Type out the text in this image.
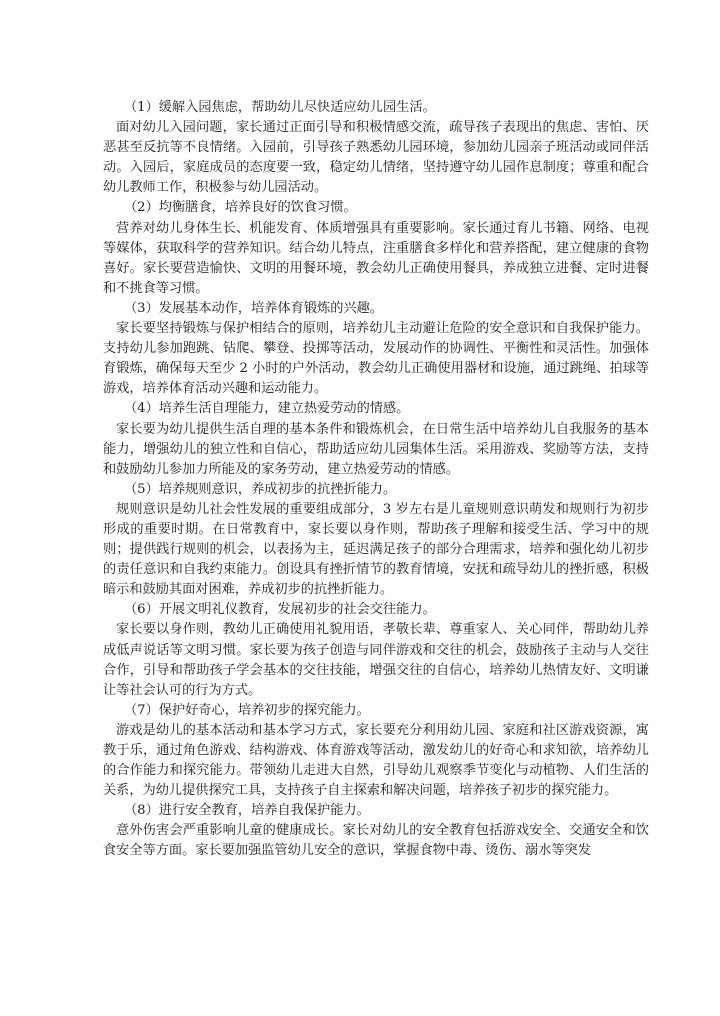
（1）缓解入园焦虑，帮助幼儿尽快适应幼儿园生活。

面对幼儿入园问题，家长通过正面引导和积极情感交流，疏导孩子表现出的焦虑、害怕、厌恶甚至反抗等不良情绪。入园前，引导孩子熟悉幼儿园环境，参加幼儿园亲子班活动或同伴活动。入园后，家庭成员的态度要一致，稳定幼儿情绪，坚持遵守幼儿园作息制度；尊重和配合幼儿教师工作，积极参与幼儿园活动。

（2）均衡膳食，培养良好的饮食习惯。

营养对幼儿身体生长、机能发育、体质增强具有重要影响。家长通过育儿书籍、网络、电视等媒体，获取科学的营养知识。结合幼儿特点，注重膳食多样化和营养搭配，建立健康的食物喜好。家长要营造愉快、文明的用餐环境，教会幼儿正确使用餐具，养成独立进餐、定时进餐和不挑食等习惯。

（3）发展基本动作，培养体育锻炼的兴趣。

家长要坚持锻炼与保护相结合的原则，培养幼儿主动避让危险的安全意识和自我保护能力。支持幼儿参加跑跳、钻爬、攀登、投掷等活动，发展动作的协调性、平衡性和灵活性。加强体育锻炼，确保每天至少 2 小时的户外活动，教会幼儿正确使用器材和设施，通过跳绳、拍球等游戏，培养体育活动兴趣和运动能力。

（4）培养生活自理能力，建立热爱劳动的情感。

家长要为幼儿提供生活自理的基本条件和锻炼机会，在日常生活中培养幼儿自我服务的基本能力，增强幼儿的独立性和自信心，帮助适应幼儿园集体生活。采用游戏、奖励等方法，支持和鼓励幼儿参加力所能及的家务劳动，建立热爱劳动的情感。

（5）培养规则意识，养成初步的抗挫折能力。

规则意识是幼儿社会性发展的重要组成部分，3 岁左右是儿童规则意识萌发和规则行为初步形成的重要时期。在日常教育中，家长要以身作则，帮助孩子理解和接受生活、学习中的规则；提供践行规则的机会，以表扬为主，延迟满足孩子的部分合理需求，培养和强化幼儿初步的责任意识和自我约束能力。创设具有挫折情节的教育情境，安抚和疏导幼儿的挫折感，积极暗示和鼓励其面对困难，养成初步的抗挫折能力。

（6）开展文明礼仪教育，发展初步的社会交往能力。

家长要以身作则，教幼儿正确使用礼貌用语，孝敬长辈、尊重家人、关心同伴，帮助幼儿养成低声说话等文明习惯。家长要为孩子创造与同伴游戏和交往的机会，鼓励孩子主动与人交往合作，引导和帮助孩子学会基本的交往技能，增强交往的自信心，培养幼儿热情友好、文明谦让等社会认可的行为方式。

（7）保护好奇心，培养初步的探究能力。

游戏是幼儿的基本活动和基本学习方式，家长要充分利用幼儿园、家庭和社区游戏资源，寓教于乐，通过角色游戏、结构游戏、体育游戏等活动，激发幼儿的好奇心和求知欲，培养幼儿的合作能力和探究能力。带领幼儿走进大自然，引导幼儿观察季节变化与动植物、人们生活的关系，为幼儿提供探究工具，支持孩子自主探索和解决问题，培养孩子初步的探究能力。

（8）进行安全教育，培养自我保护能力。

意外伤害会严重影响儿童的健康成长。家长对幼儿的安全教育包括游戏安全、交通安全和饮食安全等方面。家长要加强监管幼儿安全的意识，掌握食物中毒、烫伤、溺水等突发
